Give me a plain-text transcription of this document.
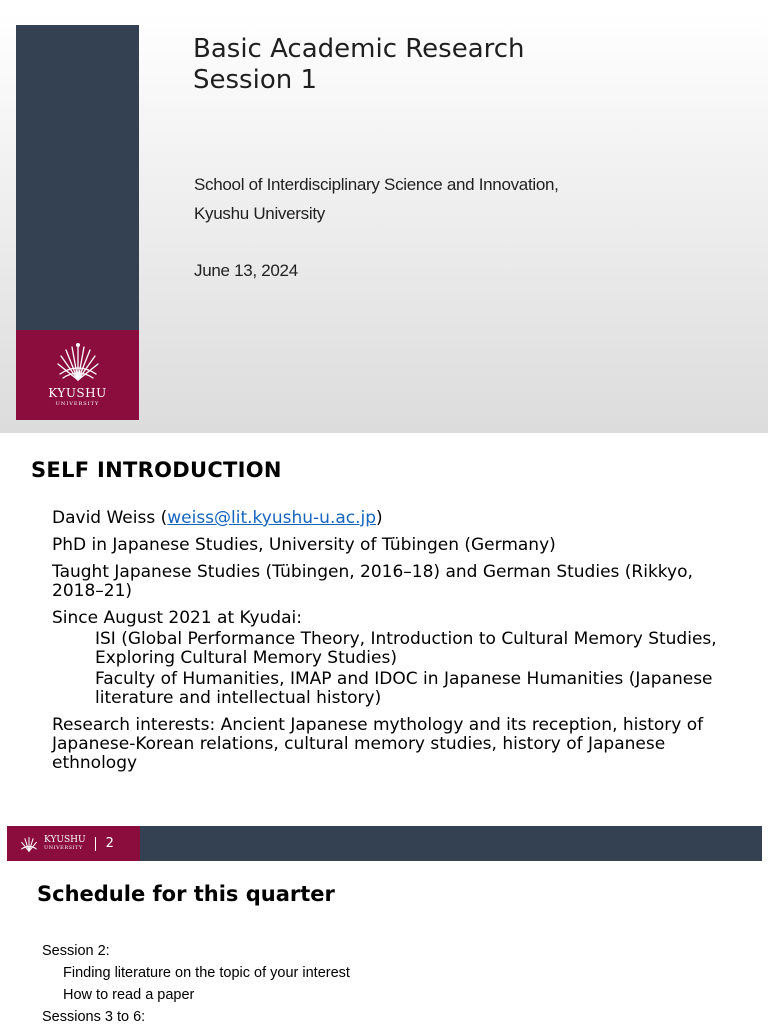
KYUSHU
UNIVERSITY
Basic Academic Research
Session 1
School of Interdisciplinary Science and Innovation,
Kyushu University
June 13, 2024
SELF INTRODUCTION
David Weiss (weiss@lit.kyushu-u.ac.jp)
PhD in Japanese Studies, University of Tübingen (Germany)
Taught Japanese Studies (Tübingen, 2016–18) and German Studies (Rikkyo, 2018–21)
Since August 2021 at Kyudai:
ISI (Global Performance Theory, Introduction to Cultural Memory Studies, Exploring Cultural Memory Studies)
Faculty of Humanities, IMAP and IDOC in Japanese Humanities (Japanese literature and intellectual history)
Research interests: Ancient Japanese mythology and its reception, history of Japanese-Korean relations, cultural memory studies, history of Japanese ethnology
KYUSHU
UNIVERSITY 2
Schedule for this quarter
Session 2:
Finding literature on the topic of your interest
How to read a paper
Sessions 3 to 6:
